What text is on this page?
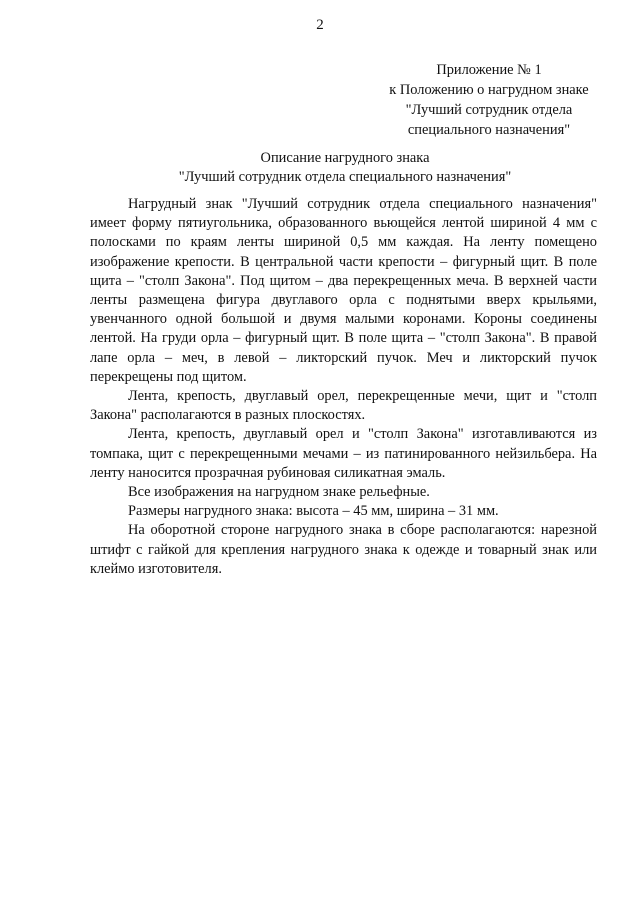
2
Приложение № 1
к Положению о нагрудном знаке
"Лучший сотрудник отдела
специального назначения"
Описание нагрудного знака
"Лучший сотрудник отдела специального назначения"

Нагрудный знак "Лучший сотрудник отдела специального назначения" имеет форму пятиугольника, образованного вьющейся лентой шириной 4 мм с полосками по краям ленты шириной 0,5 мм каждая. На ленту помещено изображение крепости. В центральной части крепости – фигурный щит. В поле щита – "столп Закона". Под щитом – два перекрещенных меча. В верхней части ленты размещена фигура двуглавого орла с поднятыми вверх крыльями, увенчанного одной большой и двумя малыми коронами. Короны соединены лентой. На груди орла – фигурный щит. В поле щита – "столп Закона". В правой лапе орла – меч, в левой – ликторский пучок. Меч и ликторский пучок перекрещены под щитом.

Лента, крепость, двуглавый орел, перекрещенные мечи, щит и "столп Закона" располагаются в разных плоскостях.

Лента, крепость, двуглавый орел и "столп Закона" изготавливаются из томпака, щит с перекрещенными мечами – из патинированного нейзильбера. На ленту наносится прозрачная рубиновая силикатная эмаль.

Все изображения на нагрудном знаке рельефные.

Размеры нагрудного знака: высота – 45 мм, ширина – 31 мм.

На оборотной стороне нагрудного знака в сборе располагаются: нарезной штифт с гайкой для крепления нагрудного знака к одежде и товарный знак или клеймо изготовителя.
